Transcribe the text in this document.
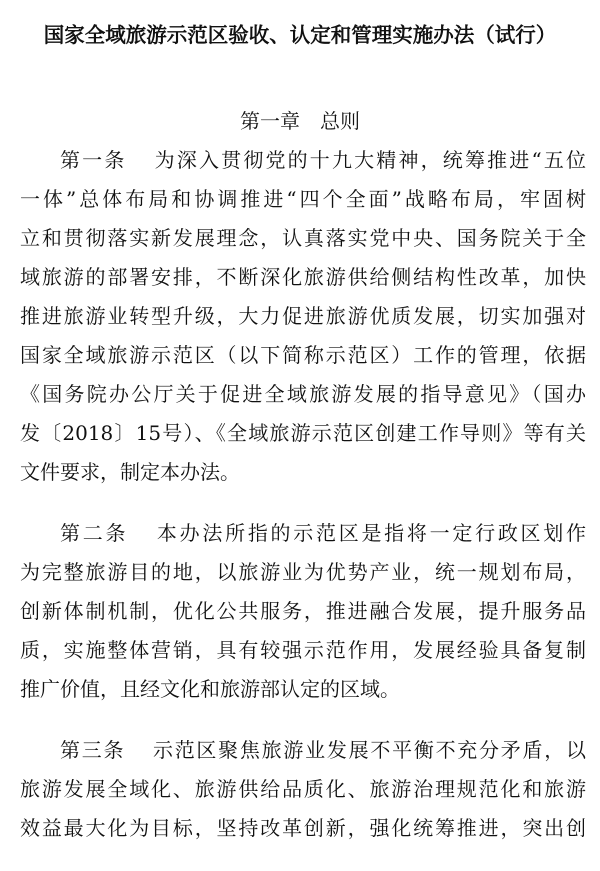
国家全域旅游示范区验收、认定和管理实施办法（试行）
第一章　总则
第一条 为深入贯彻党的十九大精神，统筹推进“五位
一体”总体布局和协调推进“四个全面”战略布局，牢固树
立和贯彻落实新发展理念，认真落实党中央、国务院关于全
域旅游的部署安排，不断深化旅游供给侧结构性改革，加快
推进旅游业转型升级，大力促进旅游优质发展，切实加强对
国家全域旅游示范区（以下简称示范区）工作的管理，依据
《国务院办公厅关于促进全域旅游发展的指导意见》（国办
发〔2018〕15号）、《全域旅游示范区创建工作导则》等有关
文件要求，制定本办法。
第二条 本办法所指的示范区是指将一定行政区划作
为完整旅游目的地，以旅游业为优势产业，统一规划布局，
创新体制机制，优化公共服务，推进融合发展，提升服务品
质，实施整体营销，具有较强示范作用，发展经验具备复制
推广价值，且经文化和旅游部认定的区域。
第三条 示范区聚焦旅游业发展不平衡不充分矛盾，以
旅游发展全域化、旅游供给品质化、旅游治理规范化和旅游
效益最大化为目标，坚持改革创新，强化统筹推进，突出创
